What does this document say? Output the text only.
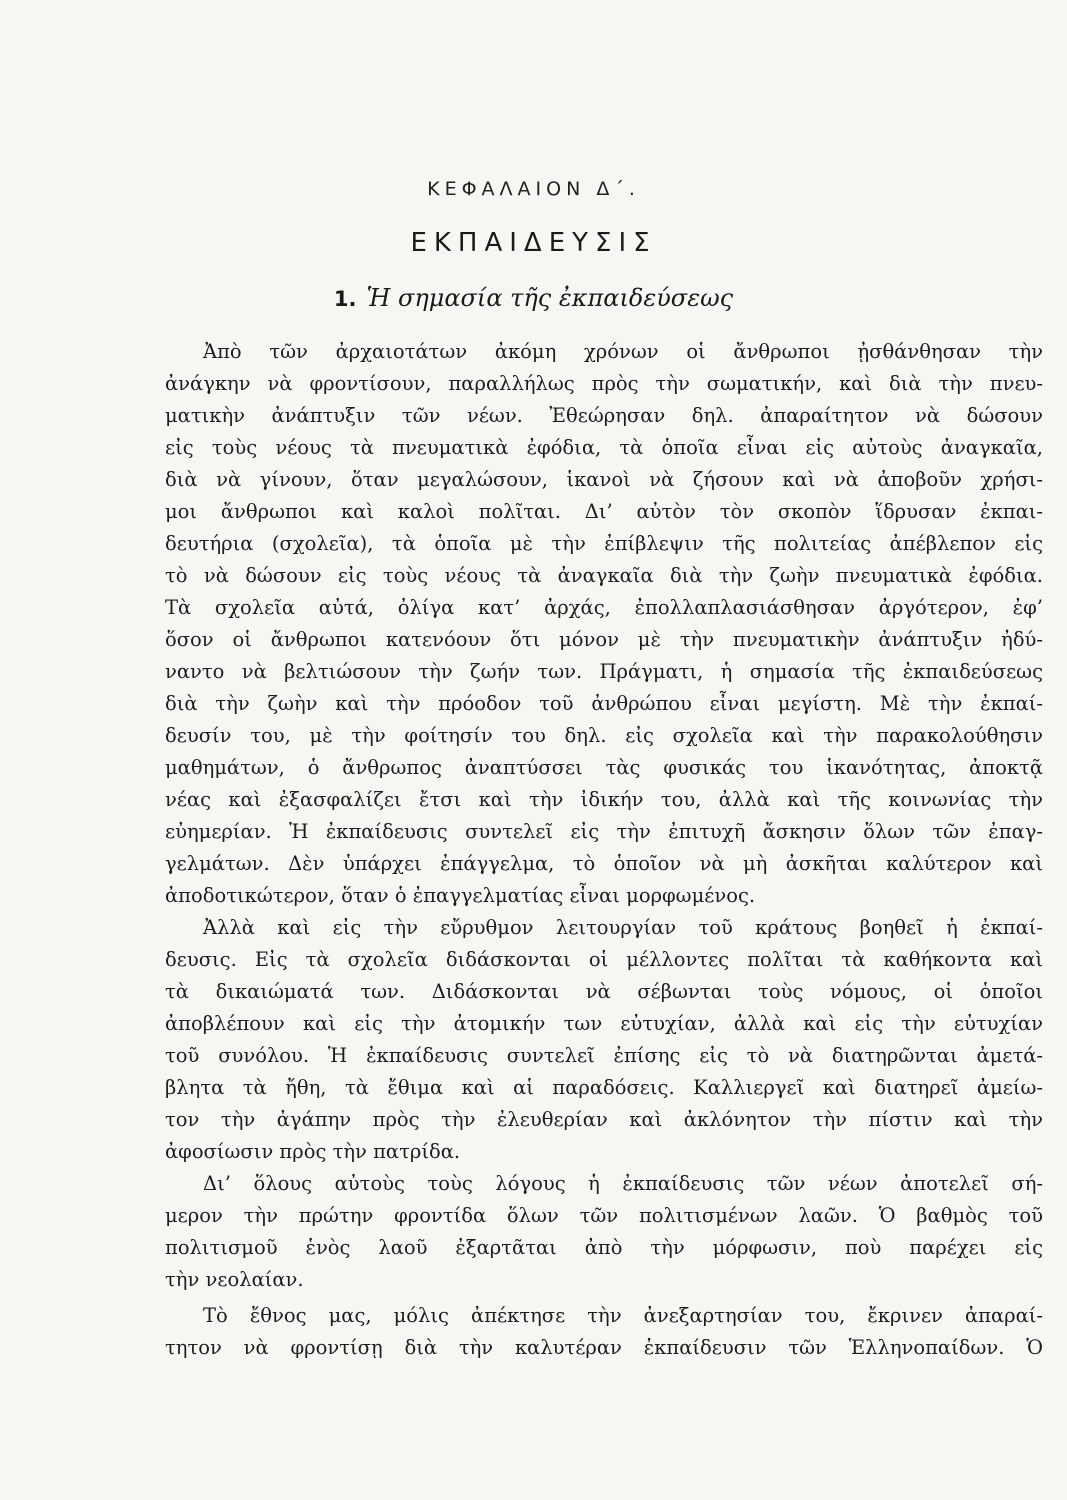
ΚΕΦΑΛΑΙΟΝ Δ΄.
ΕΚΠΑΙΔΕΥΣΙΣ
1. Ἡ σημασία τῆς ἐκπαιδεύσεως
Ἀπὸ τῶν ἀρχαιοτάτων ἀκόμη χρόνων οἱ ἄνθρωποι ᾐσθάνθησαν τὴν
ἀνάγκην νὰ φροντίσουν, παραλλήλως πρὸς τὴν σωματικήν, καὶ διὰ τὴν πνευ-
ματικὴν ἀνάπτυξιν τῶν νέων. Ἐθεώρησαν δηλ. ἀπαραίτητον νὰ δώσουν
εἰς τοὺς νέους τὰ πνευματικὰ ἐφόδια, τὰ ὁποῖα εἶναι εἰς αὐτοὺς ἀναγκαῖα,
διὰ νὰ γίνουν, ὅταν μεγαλώσουν, ἱκανοὶ νὰ ζήσουν καὶ νὰ ἀποβοῦν χρήσι-
μοι ἄνθρωποι καὶ καλοὶ πολῖται. Δι’ αὐτὸν τὸν σκοπὸν ἵδρυσαν ἐκπαι-
δευτήρια (σχολεῖα), τὰ ὁποῖα μὲ τὴν ἐπίβλεψιν τῆς πολιτείας ἀπέβλεπον εἰς
τὸ νὰ δώσουν εἰς τοὺς νέους τὰ ἀναγκαῖα διὰ τὴν ζωὴν πνευματικὰ ἐφόδια.
Τὰ σχολεῖα αὐτά, ὀλίγα κατ’ ἀρχάς, ἐπολλαπλασιάσθησαν ἀργότερον, ἐφ’
ὅσον οἱ ἄνθρωποι κατενόουν ὅτι μόνον μὲ τὴν πνευματικὴν ἀνάπτυξιν ἠδύ-
ναντο νὰ βελτιώσουν τὴν ζωήν των. Πράγματι, ἡ σημασία τῆς ἐκπαιδεύσεως
διὰ τὴν ζωὴν καὶ τὴν πρόοδον τοῦ ἀνθρώπου εἶναι μεγίστη. Μὲ τὴν ἐκπαί-
δευσίν του, μὲ τὴν φοίτησίν του δηλ. εἰς σχολεῖα καὶ τὴν παρακολούθησιν
μαθημάτων, ὁ ἄνθρωπος ἀναπτύσσει τὰς φυσικάς του ἱκανότητας, ἀποκτᾷ
νέας καὶ ἐξασφαλίζει ἔτσι καὶ τὴν ἰδικήν του, ἀλλὰ καὶ τῆς κοινωνίας τὴν
εὐημερίαν. Ἡ ἐκπαίδευσις συντελεῖ εἰς τὴν ἐπιτυχῆ ἄσκησιν ὅλων τῶν ἐπαγ-
γελμάτων. Δὲν ὑπάρχει ἐπάγγελμα, τὸ ὁποῖον νὰ μὴ ἀσκῆται καλύτερον καὶ
ἀποδοτικώτερον, ὅταν ὁ ἐπαγγελματίας εἶναι μορφωμένος.
Ἀλλὰ καὶ εἰς τὴν εὔρυθμον λειτουργίαν τοῦ κράτους βοηθεῖ ἡ ἐκπαί-
δευσις. Εἰς τὰ σχολεῖα διδάσκονται οἱ μέλλοντες πολῖται τὰ καθήκοντα καὶ
τὰ δικαιώματά των. Διδάσκονται νὰ σέβωνται τοὺς νόμους, οἱ ὁποῖοι
ἀποβλέπουν καὶ εἰς τὴν ἀτομικήν των εὐτυχίαν, ἀλλὰ καὶ εἰς τὴν εὐτυχίαν
τοῦ συνόλου. Ἡ ἐκπαίδευσις συντελεῖ ἐπίσης εἰς τὸ νὰ διατηρῶνται ἀμετά-
βλητα τὰ ἤθη, τὰ ἔθιμα καὶ αἱ παραδόσεις. Καλλιεργεῖ καὶ διατηρεῖ ἀμείω-
τον τὴν ἀγάπην πρὸς τὴν ἐλευθερίαν καὶ ἀκλόνητον τὴν πίστιν καὶ τὴν
ἀφοσίωσιν πρὸς τὴν πατρίδα.
Δι’ ὅλους αὐτοὺς τοὺς λόγους ἡ ἐκπαίδευσις τῶν νέων ἀποτελεῖ σή-
μερον τὴν πρώτην φροντίδα ὅλων τῶν πολιτισμένων λαῶν. Ὁ βαθμὸς τοῦ
πολιτισμοῦ ἑνὸς λαοῦ ἐξαρτᾶται ἀπὸ τὴν μόρφωσιν, ποὺ παρέχει εἰς
τὴν νεολαίαν.
Τὸ ἔθνος μας, μόλις ἀπέκτησε τὴν ἀνεξαρτησίαν του, ἔκρινεν ἀπαραί-
τητον νὰ φροντίσῃ διὰ τὴν καλυτέραν ἐκπαίδευσιν τῶν Ἑλληνοπαίδων. Ὁ
